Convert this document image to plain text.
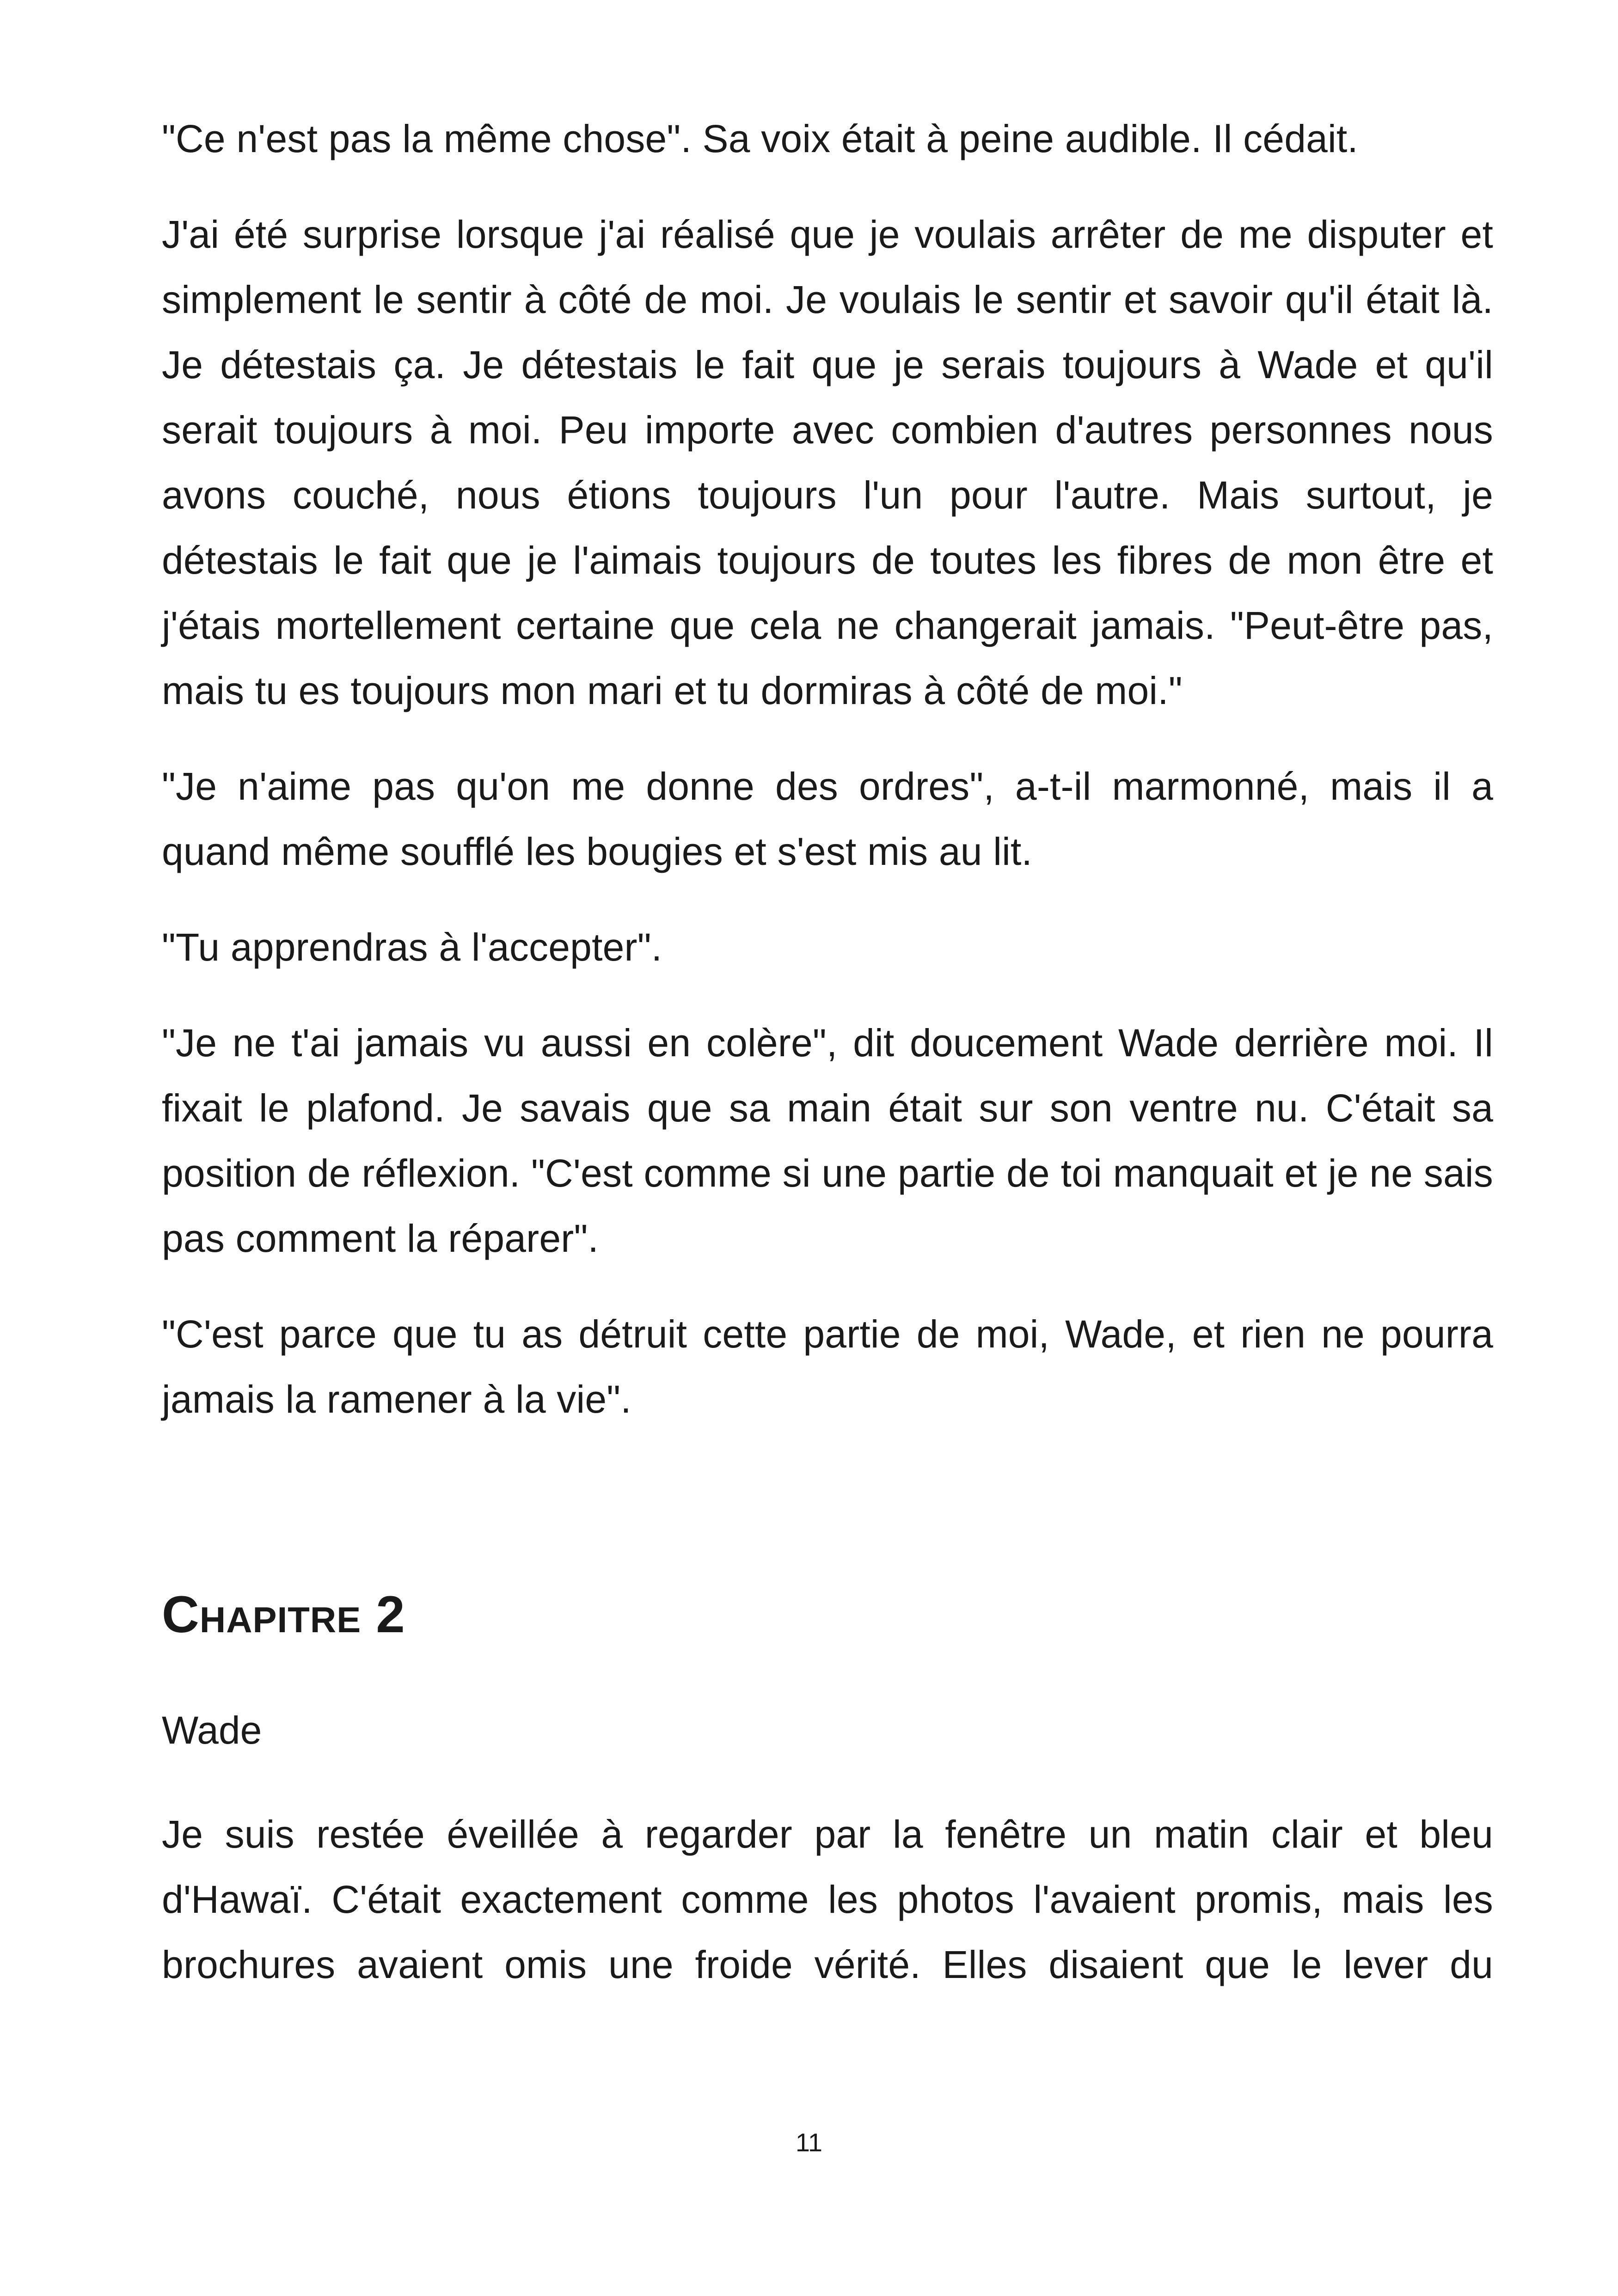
"Ce n'est pas la même chose". Sa voix était à peine audible. Il cédait.

J'ai été surprise lorsque j'ai réalisé que je voulais arrêter de me disputer et simplement le sentir à côté de moi. Je voulais le sentir et savoir qu'il était là. Je détestais ça. Je détestais le fait que je serais toujours à Wade et qu'il serait toujours à moi. Peu importe avec combien d'autres personnes nous avons couché, nous étions toujours l'un pour l'autre. Mais surtout, je détestais le fait que je l'aimais toujours de toutes les fibres de mon être et j'étais mortellement certaine que cela ne changerait jamais. "Peut-être pas, mais tu es toujours mon mari et tu dormiras à côté de moi."

"Je n'aime pas qu'on me donne des ordres", a-t-il marmonné, mais il a quand même soufflé les bougies et s'est mis au lit.

"Tu apprendras à l'accepter".

"Je ne t'ai jamais vu aussi en colère", dit doucement Wade derrière moi. Il fixait le plafond. Je savais que sa main était sur son ventre nu. C'était sa position de réflexion. "C'est comme si une partie de toi manquait et je ne sais pas comment la réparer".

"C'est parce que tu as détruit cette partie de moi, Wade, et rien ne pourra jamais la ramener à la vie".

Chapitre 2

Wade

Je suis restée éveillée à regarder par la fenêtre un matin clair et bleu d'Hawaï. C'était exactement comme les photos l'avaient promis, mais les brochures avaient omis une froide vérité. Elles disaient que le lever du

11
